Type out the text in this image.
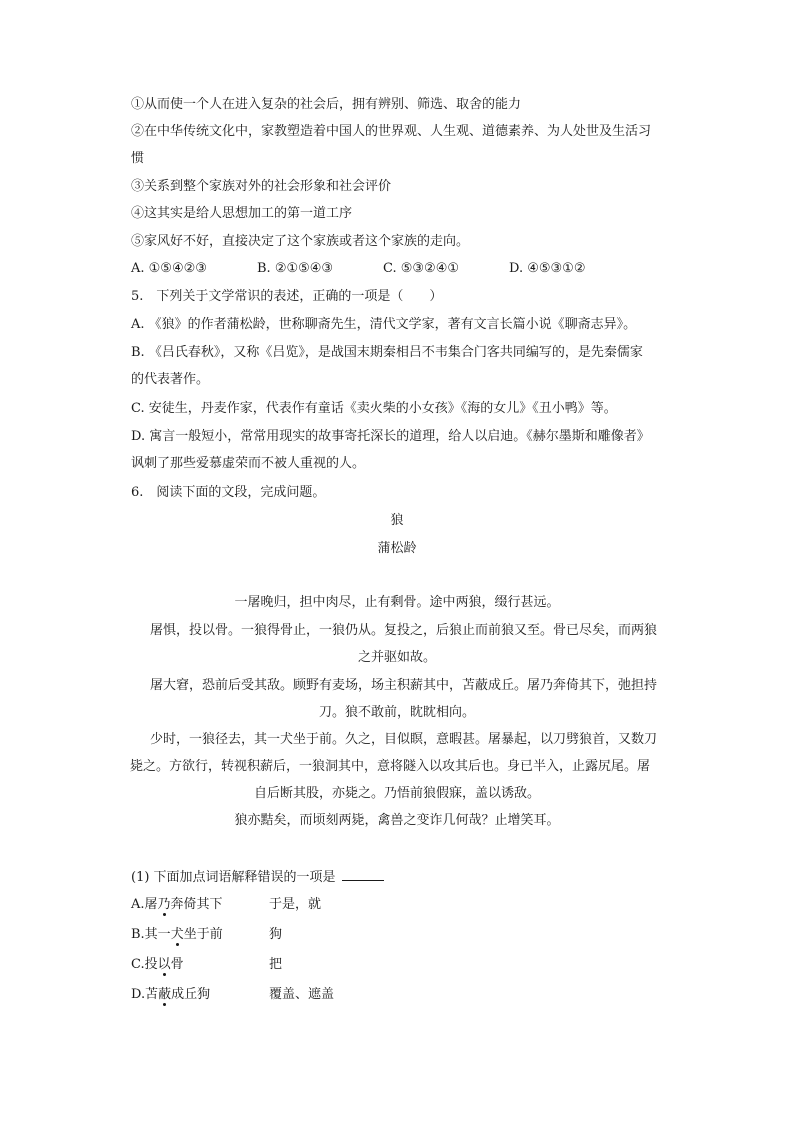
①从而使一个人在进入复杂的社会后，拥有辨别、筛选、取舍的能力
②在中华传统文化中，家教塑造着中国人的世界观、人生观、道德素养、为人处世及生活习
惯
③关系到整个家族对外的社会形象和社会评价
④这其实是给人思想加工的第一道工序
⑤家风好不好，直接决定了这个家族或者这个家族的走向。
A. ①⑤④②③	B. ②①⑤④③	C. ⑤③②④①	D. ④⑤③①②
5.　下列关于文学常识的表述，正确的一项是（　　）
A. 《狼》的作者蒲松龄，世称聊斋先生，清代文学家，著有文言长篇小说《聊斋志异》。
B. 《吕氏春秋》，又称《吕览》，是战国末期秦相吕不韦集合门客共同编写的，是先秦儒家
的代表著作。
C. 安徒生，丹麦作家，代表作有童话《卖火柴的小女孩》《海的女儿》《丑小鸭》等。
D. 寓言一般短小，常常用现实的故事寄托深长的道理，给人以启迪。《赫尔墨斯和雕像者》
讽刺了那些爱慕虚荣而不被人重视的人。
6.　阅读下面的文段，完成问题。
狼
蒲松龄
一屠晚归，担中肉尽，止有剩骨。途中两狼，缀行甚远。
屠惧，投以骨。一狼得骨止，一狼仍从。复投之，后狼止而前狼又至。骨已尽矣，而两狼
之并驱如故。
屠大窘，恐前后受其敌。顾野有麦场，场主积薪其中，苫蔽成丘。屠乃奔倚其下，弛担持
刀。狼不敢前，眈眈相向。
少时，一狼径去，其一犬坐于前。久之，目似瞑，意暇甚。屠暴起，以刀劈狼首，又数刀
毙之。方欲行，转视积薪后，一狼洞其中，意将隧入以攻其后也。身已半入，止露尻尾。屠
自后断其股，亦毙之。乃悟前狼假寐，盖以诱敌。
狼亦黠矣，而顷刻两毙，禽兽之变诈几何哉？止增笑耳。
(1) 下面加点词语解释错误的一项是
A.屠乃奔倚其下	于是，就
B.其一犬坐于前	狗
C.投以骨	把
D.苫蔽成丘狗	覆盖、遮盖
